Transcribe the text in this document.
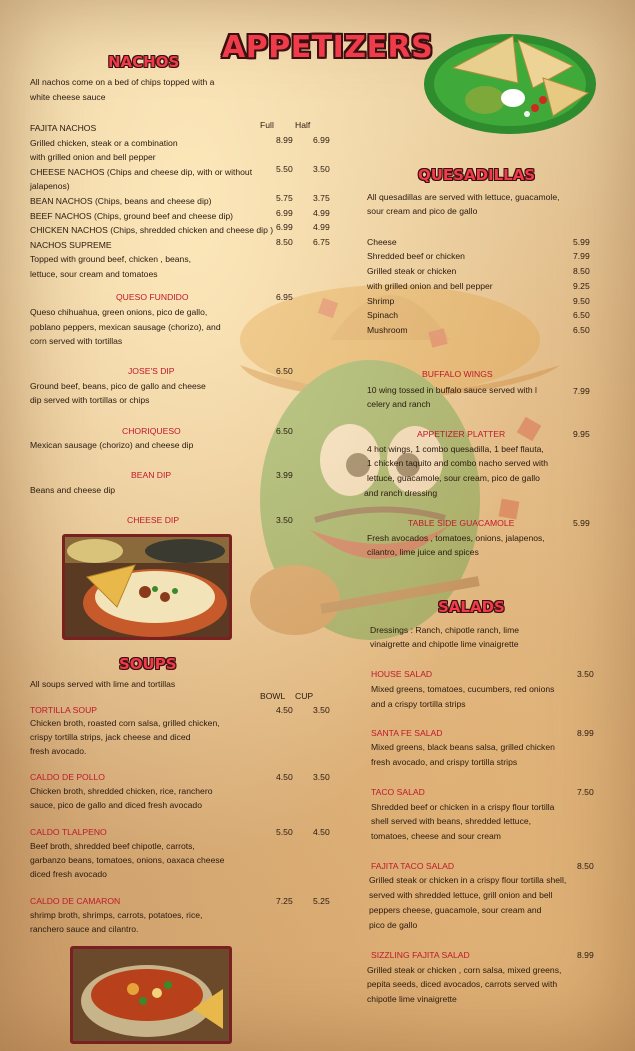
APPETIZERS
NACHOS
All nachos come on a bed of chips topped with a
white cheese sauce
Full Half
FAJITA NACHOS
Grilled chicken, steak or a combination	8.99 6.99
with grilled onion and bell pepper
CHEESE NACHOS (Chips and cheese dip, with or without	5.50 3.50
jalapenos)
BEAN NACHOS (Chips, beans and cheese dip)	5.75 3.75
BEEF NACHOS (Chips, ground beef and cheese dip)	6.99 4.99
CHICKEN NACHOS (Chips, shredded chicken and cheese dip ) 6.99 4.99
NACHOS SUPREME	8.50 6.75
Topped with ground beef, chicken , beans,
lettuce, sour cream and tomatoes
QUESO FUNDIDO	6.95
Queso chihuahua, green onions, pico de gallo,
poblano peppers, mexican sausage (chorizo), and
corn served with tortillas
JOSE'S DIP	6.50
Ground beef, beans, pico de gallo and cheese
dip served with tortillas or chips
CHORIQUESO	6.50
Mexican sausage (chorizo) and cheese dip
BEAN DIP	3.99
Beans and cheese dip
CHEESE DIP	3.50
SOUPS
All soups served with lime and tortillas
BOWL CUP
TORTILLA SOUP	4.50 3.50
Chicken broth, roasted corn salsa, grilled chicken,
crispy tortilla strips, jack cheese and diced
fresh avocado.
CALDO DE POLLO	4.50 3.50
Chicken broth, shredded chicken, rice, ranchero
sauce, pico de gallo and diced fresh avocado
CALDO TLALPENO	5.50 4.50
Beef broth, shredded beef chipotle, carrots,
garbanzo beans, tomatoes, onions, oaxaca cheese
diced fresh avocado
CALDO DE CAMARON	7.25 5.25
shrimp broth, shrimps, carrots, potatoes, rice,
ranchero sauce and cilantro.
QUESADILLAS
All quesadillas are served with lettuce, guacamole,
sour cream and pico de gallo
Cheese	5.99
Shredded beef or chicken	7.99
Grilled steak or chicken	8.50
with grilled onion and bell pepper	9.25
Shrimp	9.50
Spinach	6.50
Mushroom	6.50
BUFFALO WINGS
7.99
10 wing tossed in buffalo sauce served with l
celery and ranch
APPETIZER PLATTER	9.95
4 hot wings, 1 combo quesadilla, 1 beef flauta,
1 chicken taquito and combo nacho served with
lettuce, guacamole, sour cream, pico de gallo
and ranch dressing
TABLE SIDE GUACAMOLE	5.99
Fresh avocados , tomatoes, onions, jalapenos,
cilantro, lime juice and spices
SALADS
Dressings : Ranch, chipotle ranch, lime
vinaigrette and chipotle lime vinaigrette
HOUSE SALAD	3.50
Mixed greens, tomatoes, cucumbers, red onions
and a crispy tortilla strips
SANTA FE SALAD	8.99
Mixed greens, black beans salsa, grilled chicken
fresh avocado, and crispy tortilla strips
TACO SALAD	7.50
Shredded beef or chicken in a crispy flour tortilla
shell served with beans, shredded lettuce,
tomatoes, cheese and sour cream
FAJITA TACO SALAD	8.50
Grilled steak or chicken in a crispy flour tortilla shell,
served with shredded lettuce, grill onion and bell
peppers cheese, guacamole, sour cream and
pico de gallo
SIZZLING FAJITA SALAD	8.99
Grilled steak or chicken , corn salsa, mixed greens,
pepita seeds, diced avocados, carrots served with
chipotle lime vinaigrette
